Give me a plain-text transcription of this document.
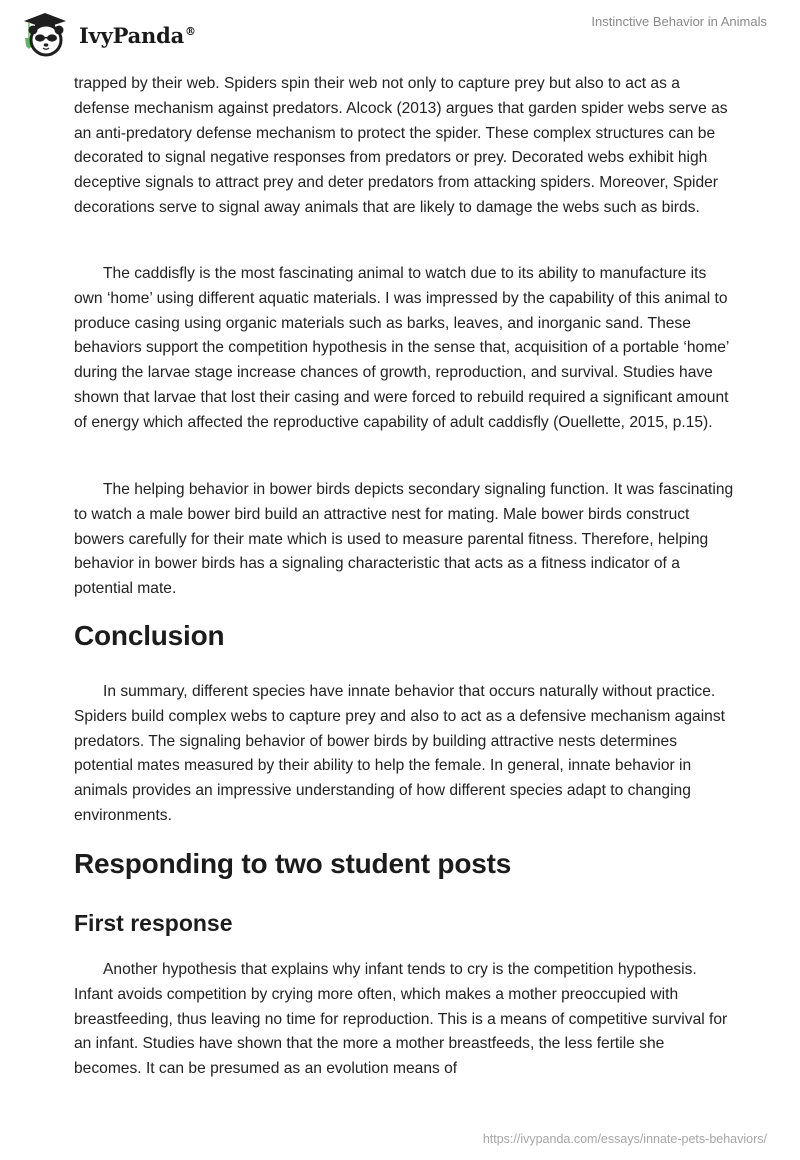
IvyPanda®
Instinctive Behavior in Animals

trapped by their web. Spiders spin their web not only to capture prey but also to act as a defense mechanism against predators. Alcock (2013) argues that garden spider webs serve as an anti-predatory defense mechanism to protect the spider. These complex structures can be decorated to signal negative responses from predators or prey. Decorated webs exhibit high deceptive signals to attract prey and deter predators from attacking spiders. Moreover, Spider decorations serve to signal away animals that are likely to damage the webs such as birds.

The caddisfly is the most fascinating animal to watch due to its ability to manufacture its own ‘home’ using different aquatic materials. I was impressed by the capability of this animal to produce casing using organic materials such as barks, leaves, and inorganic sand. These behaviors support the competition hypothesis in the sense that, acquisition of a portable ‘home’ during the larvae stage increase chances of growth, reproduction, and survival. Studies have shown that larvae that lost their casing and were forced to rebuild required a significant amount of energy which affected the reproductive capability of adult caddisfly (Ouellette, 2015, p.15).

The helping behavior in bower birds depicts secondary signaling function. It was fascinating to watch a male bower bird build an attractive nest for mating. Male bower birds construct bowers carefully for their mate which is used to measure parental fitness. Therefore, helping behavior in bower birds has a signaling characteristic that acts as a fitness indicator of a potential mate.

Conclusion

In summary, different species have innate behavior that occurs naturally without practice. Spiders build complex webs to capture prey and also to act as a defensive mechanism against predators. The signaling behavior of bower birds by building attractive nests determines potential mates measured by their ability to help the female. In general, innate behavior in animals provides an impressive understanding of how different species adapt to changing environments.

Responding to two student posts
First response

Another hypothesis that explains why infant tends to cry is the competition hypothesis. Infant avoids competition by crying more often, which makes a mother preoccupied with breastfeeding, thus leaving no time for reproduction. This is a means of competitive survival for an infant. Studies have shown that the more a mother breastfeeds, the less fertile she becomes. It can be presumed as an evolution means of

https://ivypanda.com/essays/innate-pets-behaviors/
